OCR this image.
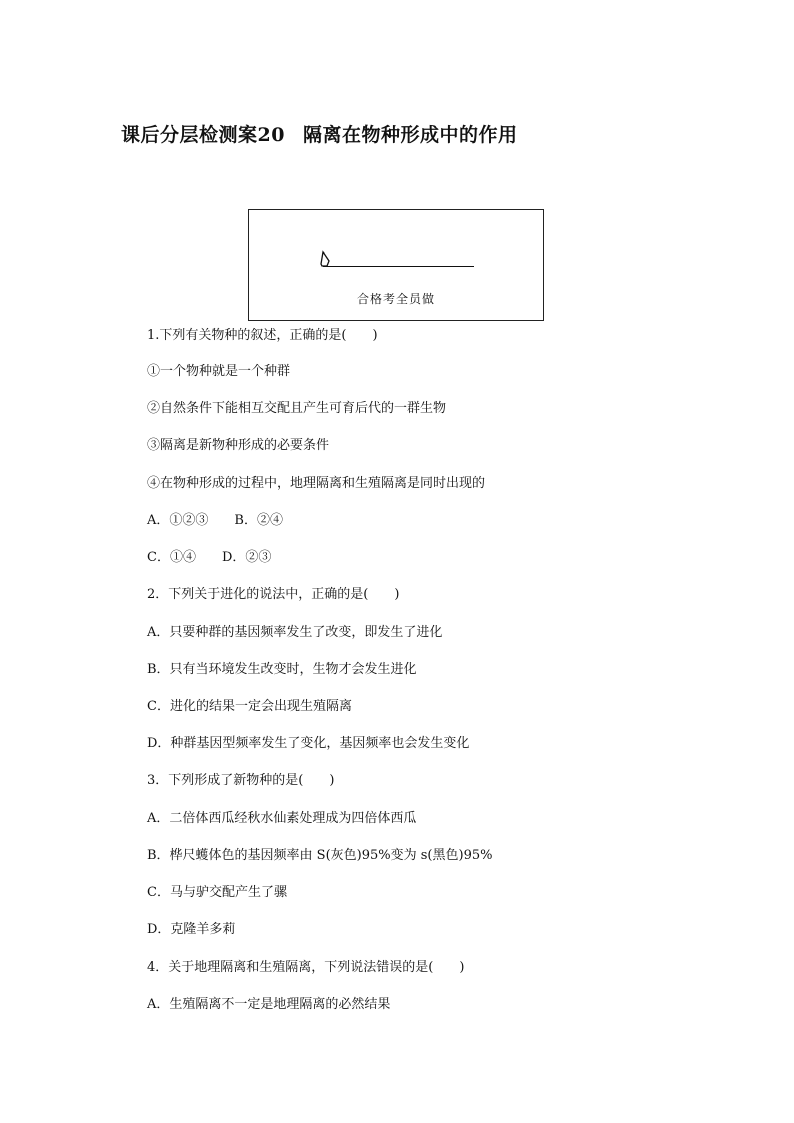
课后分层检测案20 隔离在物种形成中的作用
合格考全员做
1.下列有关物种的叙述，正确的是(　　)
①一个物种就是一个种群
②自然条件下能相互交配且产生可育后代的一群生物
③隔离是新物种形成的必要条件
④在物种形成的过程中，地理隔离和生殖隔离是同时出现的
A．①②③ B．②④
C．①④ D．②③
2．下列关于进化的说法中，正确的是(　　)
A．只要种群的基因频率发生了改变，即发生了进化
B．只有当环境发生改变时，生物才会发生进化
C．进化的结果一定会出现生殖隔离
D．种群基因型频率发生了变化，基因频率也会发生变化
3．下列形成了新物种的是(　　)
A．二倍体西瓜经秋水仙素处理成为四倍体西瓜
B．桦尺蠖体色的基因频率由 S(灰色)95%变为 s(黑色)95%
C．马与驴交配产生了骡
D．克隆羊多莉
4．关于地理隔离和生殖隔离，下列说法错误的是(　　)
A．生殖隔离不一定是地理隔离的必然结果
